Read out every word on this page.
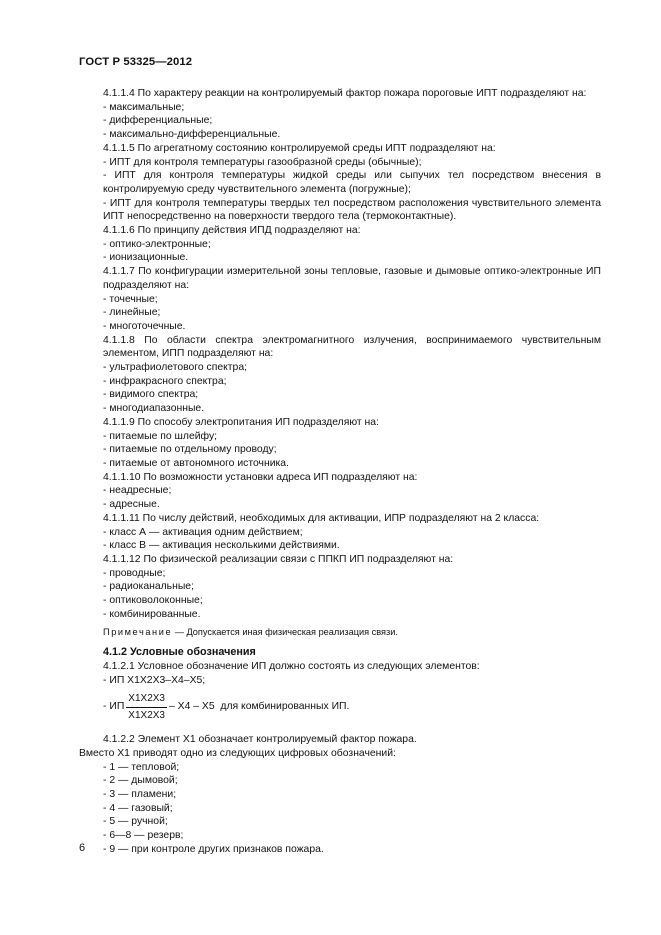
ГОСТ Р 53325—2012
4.1.1.4 По характеру реакции на контролируемый фактор пожара пороговые ИПТ подразделяют на:
- максимальные;
- дифференциальные;
- максимально-дифференциальные.
4.1.1.5 По агрегатному состоянию контролируемой среды ИПТ подразделяют на:
- ИПТ для контроля температуры газообразной среды (обычные);
- ИПТ для контроля температуры жидкой среды или сыпучих тел посредством внесения в контролируемую среду чувствительного элемента (погружные);
- ИПТ для контроля температуры твердых тел посредством расположения чувствительного элемента ИПТ непосредственно на поверхности твердого тела (термоконтактные).
4.1.1.6 По принципу действия ИПД подразделяют на:
- оптико-электронные;
- ионизационные.
4.1.1.7 По конфигурации измерительной зоны тепловые, газовые и дымовые оптико-электронные ИП подразделяют на:
- точечные;
- линейные;
- многоточечные.
4.1.1.8 По области спектра электромагнитного излучения, воспринимаемого чувствительным элементом, ИПП подразделяют на:
- ультрафиолетового спектра;
- инфракрасного спектра;
- видимого спектра;
- многодиапазонные.
4.1.1.9 По способу электропитания ИП подразделяют на:
- питаемые по шлейфу;
- питаемые по отдельному проводу;
- питаемые от автономного источника.
4.1.1.10 По возможности установки адреса ИП подразделяют на:
- неадресные;
- адресные.
4.1.1.11 По числу действий, необходимых для активации, ИПР подразделяют на 2 класса:
- класс А — активация одним действием;
- класс В — активация несколькими действиями.
4.1.1.12 По физической реализации связи с ППКП ИП подразделяют на:
- проводные;
- радиоканальные;
- оптиковолоконные;
- комбинированные.
Примечание — Допускается иная физическая реализация связи.
4.1.2 Условные обозначения
4.1.2.1 Условное обозначение ИП должно состоять из следующих элементов:
- ИП X1X2X3–X4–X5;
- ИП $\frac{X1X2X3}{X1X2X3} - X4 - X5$ для комбинированных ИП.
4.1.2.2 Элемент Х1 обозначает контролируемый фактор пожара.
Вместо Х1 приводят одно из следующих цифровых обозначений:
- 1 — тепловой;
- 2 — дымовой;
- 3 — пламени;
- 4 — газовый;
- 5 — ручной;
- 6—8 — резерв;
- 9 — при контроле других признаков пожара.
6
